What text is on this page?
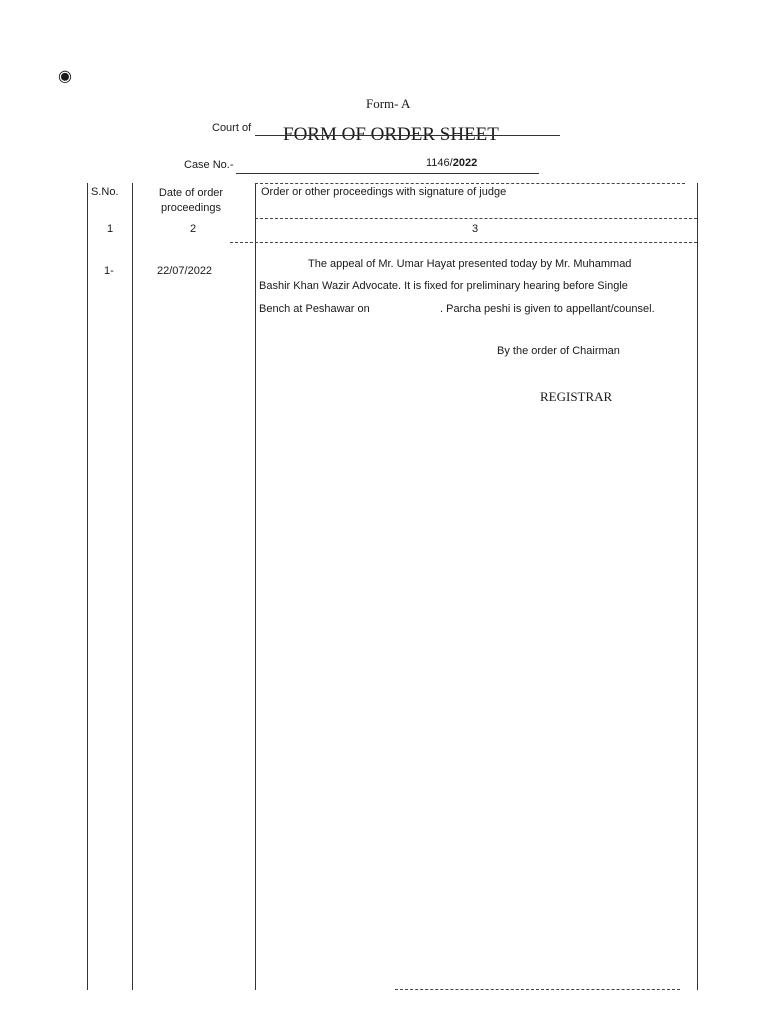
◉
Form- A
FORM OF ORDER SHEET
Court of
Case No.-	1146/2022
S.No.	Date of order proceedings
Order or other proceedings with signature of judge
1	2	3
1-	22/07/2022
The appeal of Mr. Umar Hayat presented today by Mr. Muhammad
Bashir Khan Wazir Advocate. It is fixed for preliminary hearing before Single
Bench at Peshawar on	. Parcha peshi is given to appellant/counsel.
By the order of Chairman
REGISTRAR
